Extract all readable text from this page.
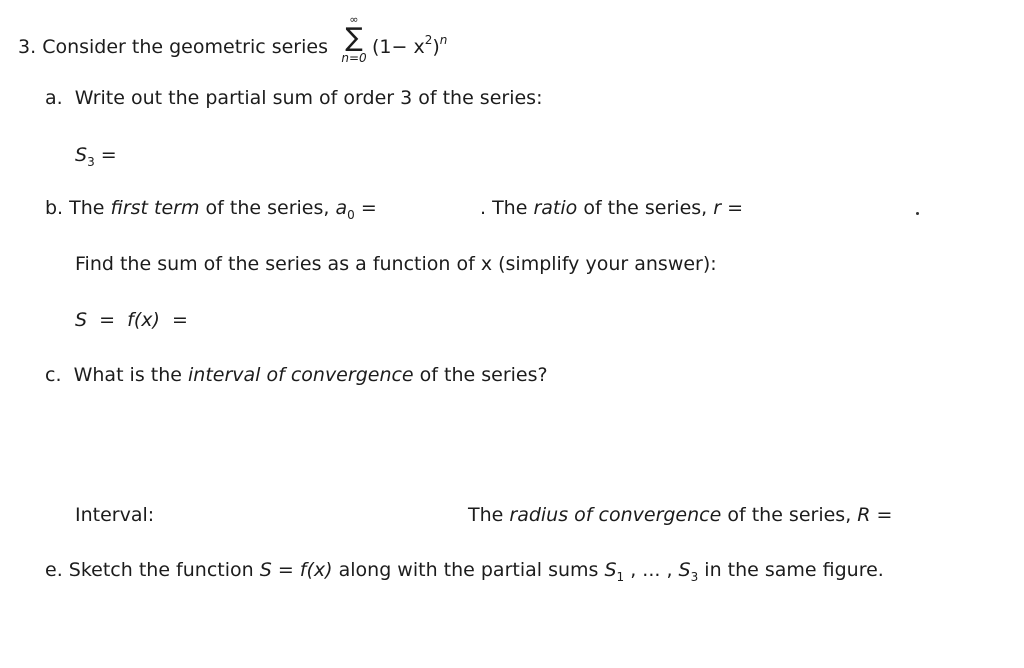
3. Consider the geometric series
∞
∑
n=0 $(1- x^2)^n$
a. Write out the partial sum of order 3 of the series:
$S_3$ =
b. The first term of the series, $a_0$ =	. The ratio of the series, r =
Find the sum of the series as a function of x (simplify your answer):
S = f(x) =
c. What is the interval of convergence of the series?
Interval:	The radius of convergence of the series, R =
e. Sketch the function S = f(x) along with the partial sums $S_1$ , ... , $S_3$ in the same figure.
